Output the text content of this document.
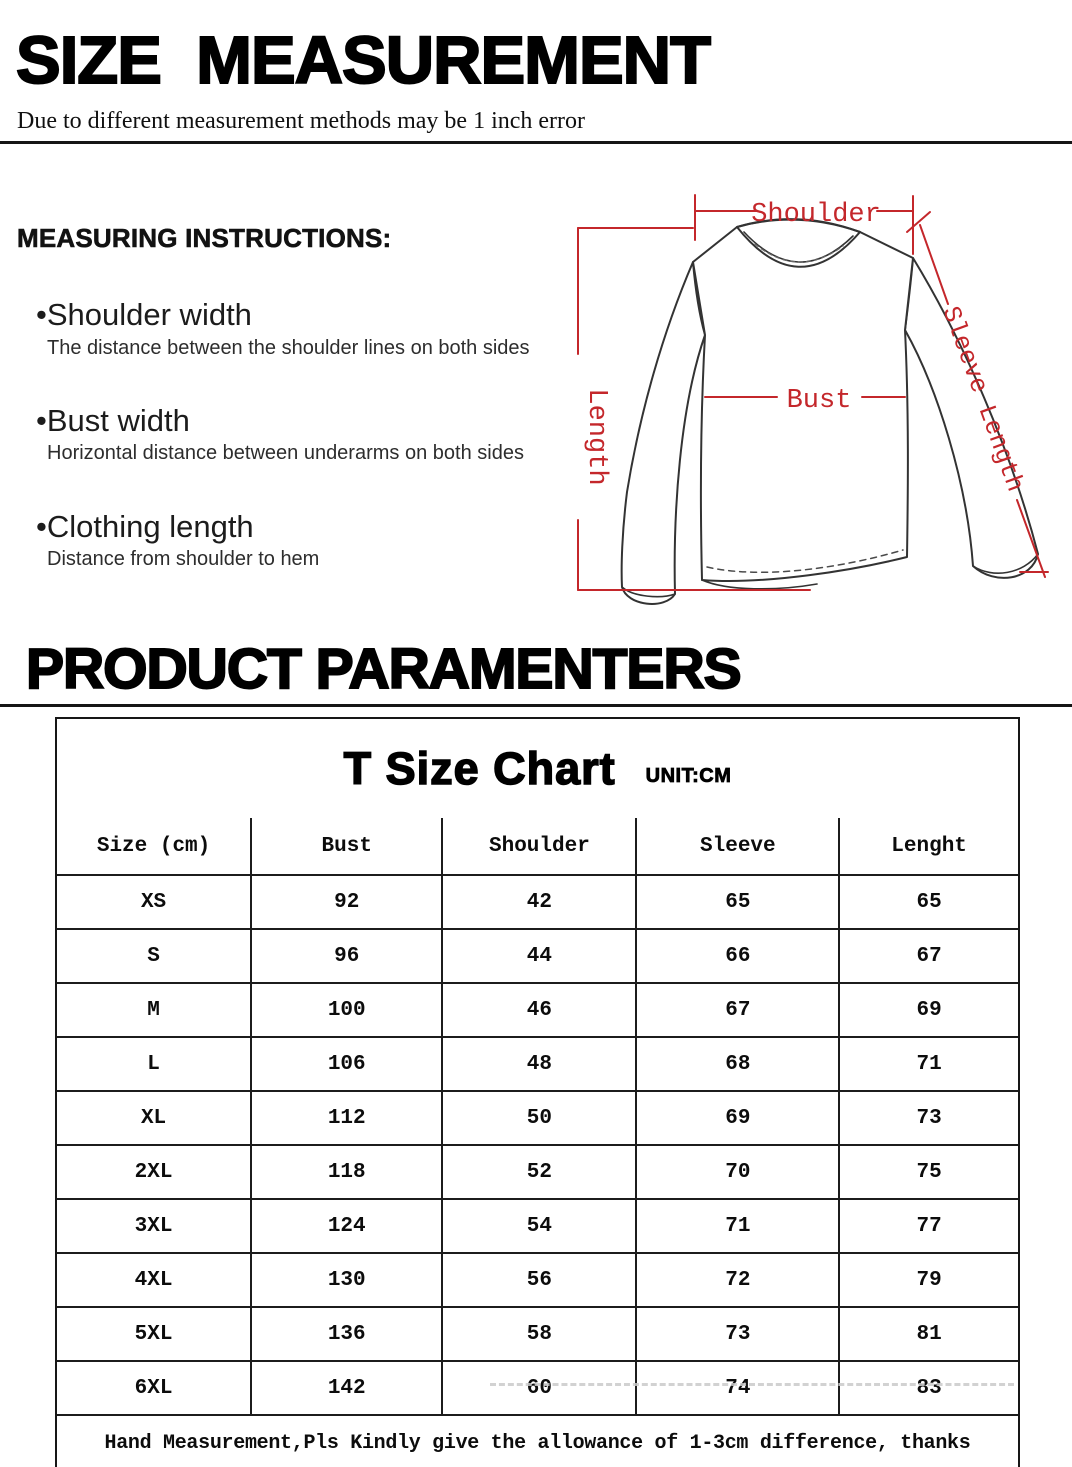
SIZE  MEASUREMENT

Due to different measurement methods may be 1 inch error

MEASURING INSTRUCTIONS:

•Shoulder width

The distance between the shoulder lines on both sides

•Bust width

Horizontal distance between underarms on both sides

•Clothing length

Distance from shoulder to hem

Shoulder
Length	Bust	Sleeve Length
PRODUCT PARAMENTERS
T Size Chart UNIT:CM
Size (cm)	Bust	Shoulder	Sleeve	Lenght
XS	92	42	65	65
S	96	44	66	67
M	100	46	67	69
L	106	48	68	71
XL	112	50	69	73
2XL	118	52	70	75
3XL	124	54	71	77
4XL	130	56	72	79
5XL	136	58	73	81
6XL	142	60	74	83
Hand Measurement,Pls Kindly give the allowance of 1-3cm difference, thanks				
